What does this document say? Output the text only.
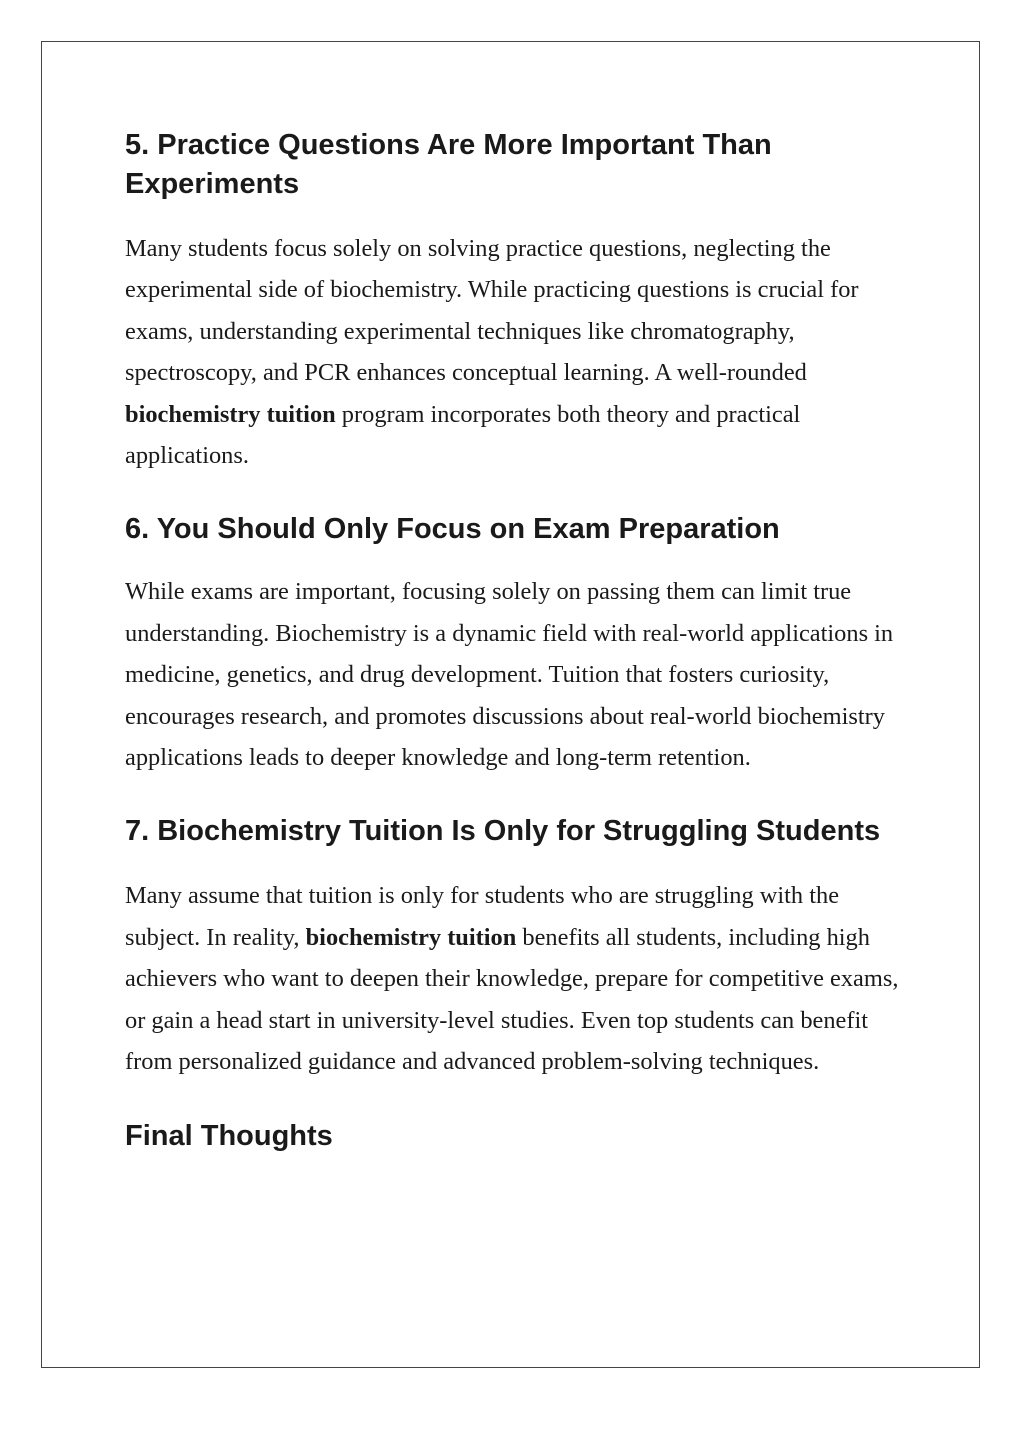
5. Practice Questions Are More Important Than Experiments

Many students focus solely on solving practice questions, neglecting the experimental side of biochemistry. While practicing questions is crucial for exams, understanding experimental techniques like chromatography, spectroscopy, and PCR enhances conceptual learning. A well-rounded biochemistry tuition program incorporates both theory and practical applications.

6. You Should Only Focus on Exam Preparation

While exams are important, focusing solely on passing them can limit true understanding. Biochemistry is a dynamic field with real-world applications in medicine, genetics, and drug development. Tuition that fosters curiosity, encourages research, and promotes discussions about real-world biochemistry applications leads to deeper knowledge and long-term retention.

7. Biochemistry Tuition Is Only for Struggling Students

Many assume that tuition is only for students who are struggling with the subject. In reality, biochemistry tuition benefits all students, including high achievers who want to deepen their knowledge, prepare for competitive exams, or gain a head start in university-level studies. Even top students can benefit from personalized guidance and advanced problem-solving techniques.

Final Thoughts
